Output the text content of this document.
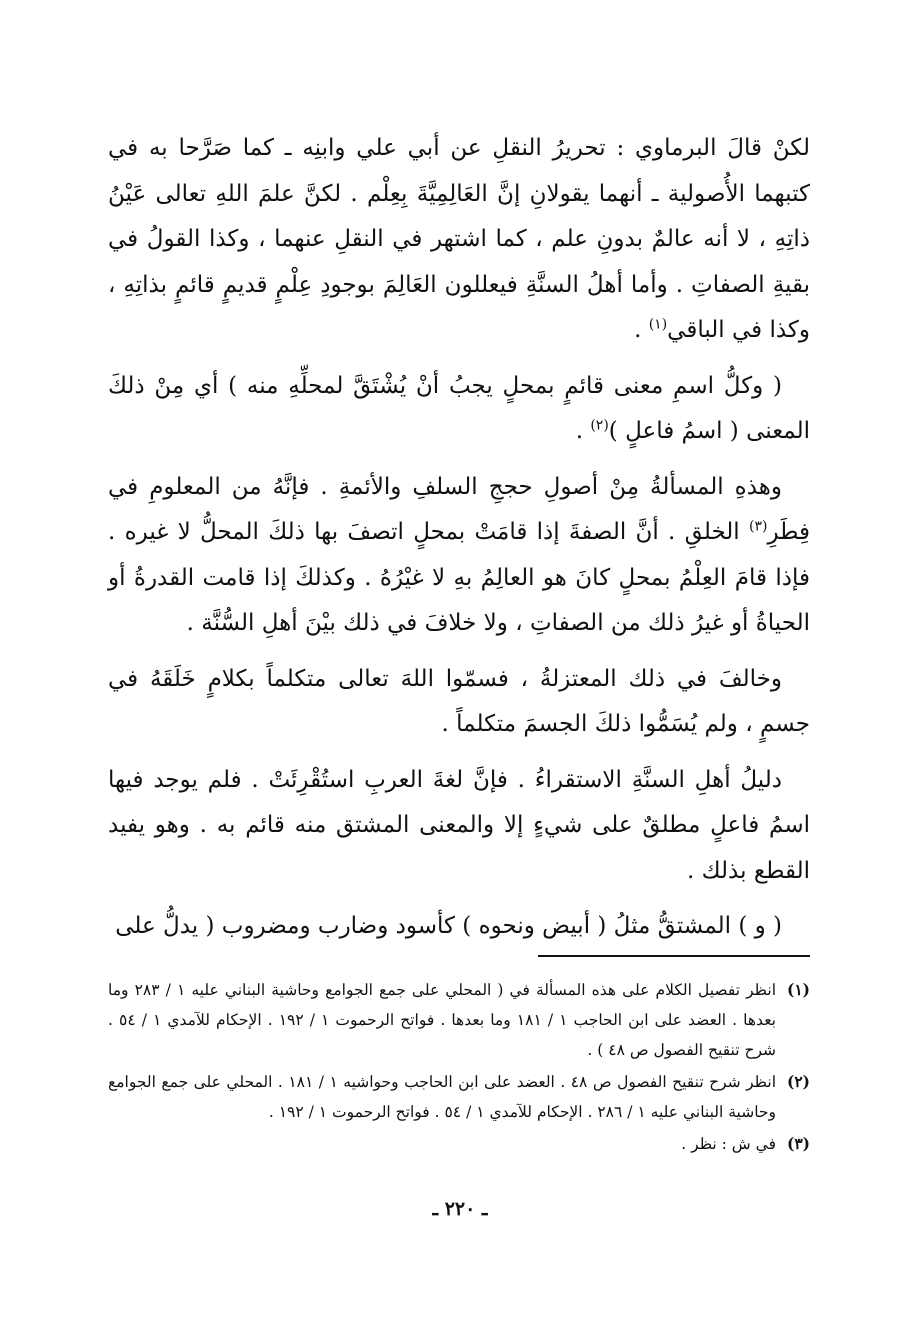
لكنْ قالَ البرماوي : تحريرُ النقلِ عن أبي علي وابنِه ـ كما صَرَّحا به في كتبهما الأُصولية ـ أنهما يقولانِ إنَّ العَالِمِيَّةَ بِعِلْم . لكنَّ علمَ اللهِ تعالى عَيْنُ ذاتِهِ ، لا أنه عالمٌ بدونِ علم ، كما اشتهر في النقلِ عنهما ، وكذا القولُ في بقيةِ الصفاتِ . وأما أهلُ السنَّةِ فيعللون العَالِمَ بوجودِ عِلْمٍ قديمٍ قائمٍ بذاتِهِ ، وكذا في الباقي$^{(١)}$ .

( وكلُّ اسمِ معنى قائمٍ بمحلٍ يجبُ أنْ يُشْتَقَّ لمحلِّهِ منه ) أي مِنْ ذلكَ المعنى ( اسمُ فاعلٍ )$^{(٢)}$ .

وهذهِ المسألةُ مِنْ أصولِ حججِ السلفِ والأئمةِ . فإنَّهُ من المعلومِ في فِطَرِ$^{(٣)}$ الخلقِ . أنَّ الصفةَ إذا قامَتْ بمحلٍ اتصفَ بها ذلكَ المحلُّ لا غيره . فإذا قامَ العِلْمُ بمحلٍ كانَ هو العالِمُ بهِ لا غيْرُهُ . وكذلكَ إذا قامت القدرةُ أو الحياةُ أو غيرُ ذلك من الصفاتِ ، ولا خلافَ في ذلك بيْنَ أهلِ السُّنَّة .

وخالفَ في ذلك المعتزلةُ ، فسمّوا اللهَ تعالى متكلماً بكلامٍ خَلَقَهُ في جسمٍ ، ولم يُسَمُّوا ذلكَ الجسمَ متكلماً .

دليلُ أهلِ السنَّةِ الاستقراءُ . فإنَّ لغةَ العربِ استُقْرِئَتْ . فلم يوجد فيها اسمُ فاعلٍ مطلقٌ على شيءٍ إلا والمعنى المشتق منه قائم به . وهو يفيد القطع بذلك .

( و ) المشتقُّ مثلُ ( أبيض ونحوه ) كأسود وضارب ومضروب ( يدلُّ على

(١)
انظر تفصيل الكلام على هذه المسألة في ( المحلي على جمع الجوامع وحاشية البناني عليه ١ / ٢٨٣ وما بعدها . العضد على ابن الحاجب ١ / ١٨١ وما بعدها . فواتح الرحموت ١ / ١٩٢ . الإحكام للآمدي ١ / ٥٤ . شرح تنقيح الفصول ص ٤٨ ) .
(٢)
انظر شرح تنقيح الفصول ص ٤٨ . العضد على ابن الحاجب وحواشيه ١ / ١٨١ . المحلي على جمع الجوامع وحاشية البناني عليه ١ / ٢٨٦ . الإحكام للآمدي ١ / ٥٤ . فواتح الرحموت ١ / ١٩٢ .
(٣)
في ش : نظر .
ـ ٢٢٠ ـ
